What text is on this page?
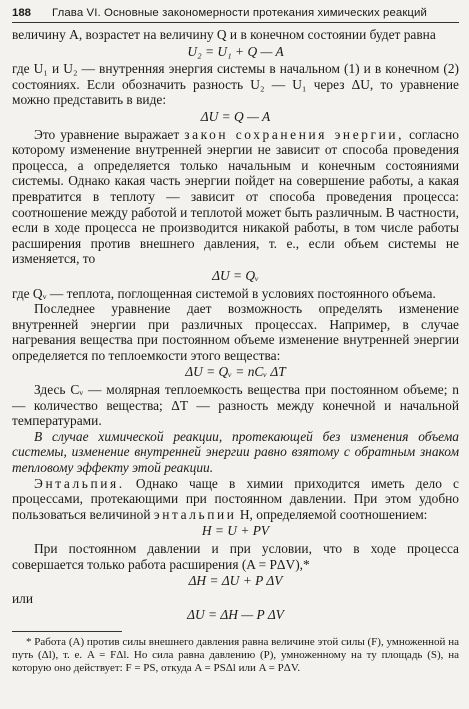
188	Глава VI. Основные закономерности протекания химических реакций

величину A, возрастет на величину Q и в конечном состоянии будет равна

U₂ = U₁ + Q — A

где U₁ и U₂ — внутренняя энергия системы в начальном (1) и в конечном (2) состояниях. Если обозначить разность U₂ — U₁ через ΔU, то уравнение можно представить в виде:

ΔU = Q — A

Это уравнение выражает закон сохранения энергии, согласно которому изменение внутренней энергии не зависит от способа проведения процесса, а определяется только начальным и конечным состояниями системы. Однако какая часть энергии пойдет на совершение работы, а какая превратится в теплоту — зависит от способа проведения процесса: соотношение между работой и теплотой может быть различным. В частности, если в ходе процесса не производится никакой работы, в том числе работы расширения против внешнего давления, т. е., если объем системы не изменяется, то

ΔU = Qᵥ

где Qᵥ — теплота, поглощенная системой в условиях постоянного объема.

Последнее уравнение дает возможность определять изменение внутренней энергии при различных процессах. Например, в случае нагревания вещества при постоянном объеме изменение внутренней энергии определяется по теплоемкости этого вещества:

ΔU = Qᵥ = nCᵥ ΔT

Здесь Cᵥ — молярная теплоемкость вещества при постоянном объеме; n — количество вещества; ΔT — разность между конечной и начальной температурами.

В случае химической реакции, протекающей без изменения объема системы, изменение внутренней энергии равно взятому с обратным знаком тепловому эффекту этой реакции.

Энтальпия. Однако чаще в химии приходится иметь дело с процессами, протекающими при постоянном давлении. При этом удобно пользоваться величиной энтальпии H, определяемой соотношением:

H = U + PV

При постоянном давлении и при условии, что в ходе процесса совершается только работа расширения (A = PΔV),*

ΔH = ΔU + P ΔV

или

ΔU = ΔH — P ΔV

* Работа (A) против силы внешнего давления равна величине этой силы (F), умноженной на путь (Δl), т. е. A = FΔl. Но сила равна давлению (P), умноженному на ту площадь (S), на которую оно действует: F = PS, откуда A = PSΔl или A = PΔV.
